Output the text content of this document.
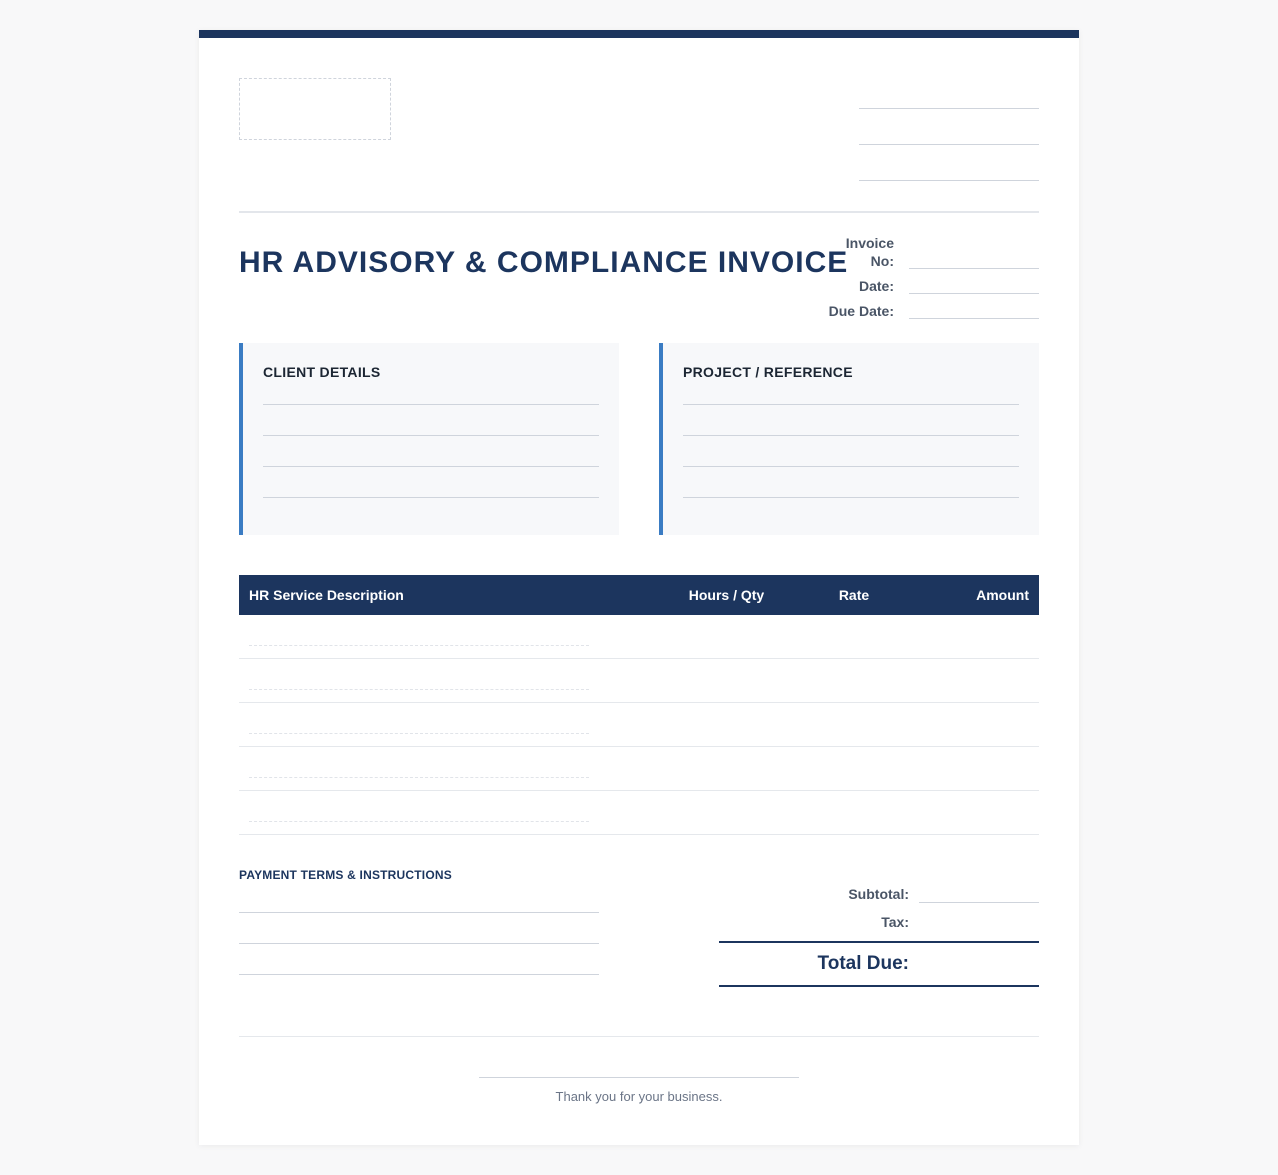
HR ADVISORY & COMPLIANCE INVOICE
Invoice No:
Date:
Due Date:
CLIENT DETAILS	PROJECT / REFERENCE
HR Service Description	Hours / Qty	Rate	Amount
PAYMENT TERMS & INSTRUCTIONS
Subtotal:
Tax:
Total Due:
Thank you for your business.
